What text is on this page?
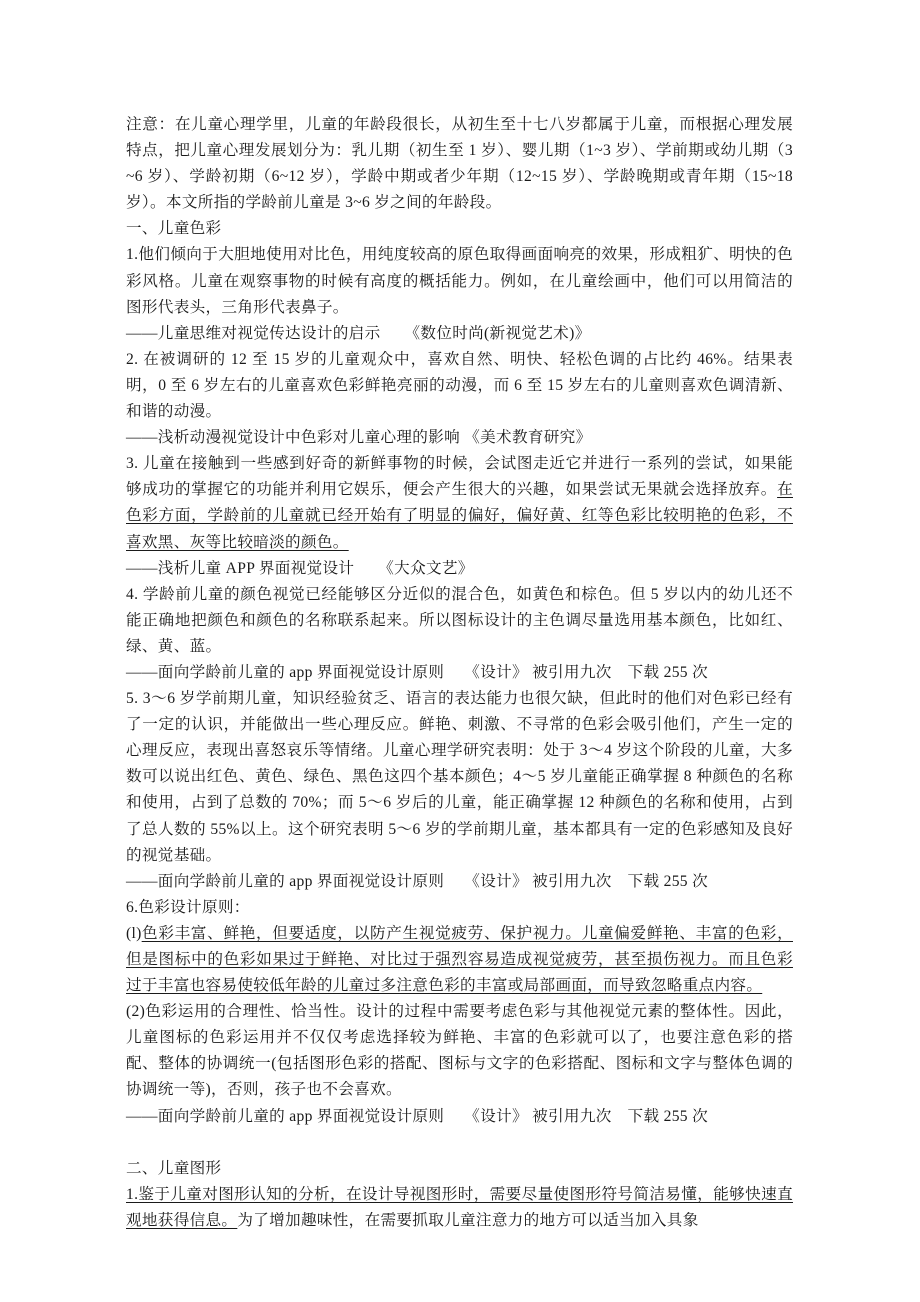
注意：在儿童心理学里，儿童的年龄段很长，从初生至十七八岁都属于儿童，而根据心理发展特点，把儿童心理发展划分为：乳儿期（初生至 1 岁）、婴儿期（1~3 岁）、学前期或幼儿期（3~6 岁）、学龄初期（6~12 岁），学龄中期或者少年期（12~15 岁）、学龄晚期或青年期（15~18 岁）。本文所指的学龄前儿童是 3~6 岁之间的年龄段。

一、儿童色彩

1.他们倾向于大胆地使用对比色，用纯度较高的原色取得画面响亮的效果，形成粗犷、明快的色彩风格。儿童在观察事物的时候有高度的概括能力。例如，在儿童绘画中，他们可以用简洁的图形代表头，三角形代表鼻子。

——儿童思维对视觉传达设计的启示　　《数位时尚(新视觉艺术)》

2. 在被调研的 12 至 15 岁的儿童观众中，喜欢自然、明快、轻松色调的占比约 46%。结果表明，0 至 6 岁左右的儿童喜欢色彩鲜艳亮丽的动漫，而 6 至 15 岁左右的儿童则喜欢色调清新、和谐的动漫。

——浅析动漫视觉设计中色彩对儿童心理的影响 《美术教育研究》

3. 儿童在接触到一些感到好奇的新鲜事物的时候，会试图走近它并进行一系列的尝试，如果能够成功的掌握它的功能并利用它娱乐，便会产生很大的兴趣，如果尝试无果就会选择放弃。在色彩方面，学龄前的儿童就已经开始有了明显的偏好，偏好黄、红等色彩比较明艳的色彩，不喜欢黑、灰等比较暗淡的颜色。

——浅析儿童 APP 界面视觉设计　　《大众文艺》

4. 学龄前儿童的颜色视觉已经能够区分近似的混合色，如黄色和棕色。但 5 岁以内的幼儿还不能正确地把颜色和颜色的名称联系起来。所以图标设计的主色调尽量选用基本颜色，比如红、绿、黄、蓝。

——面向学龄前儿童的 app 界面视觉设计原则　 《设计》 被引用九次　下载 255 次

5. 3～6 岁学前期儿童，知识经验贫乏、语言的表达能力也很欠缺，但此时的他们对色彩已经有了一定的认识，并能做出一些心理反应。鲜艳、刺激、不寻常的色彩会吸引他们，产生一定的心理反应，表现出喜怒哀乐等情绪。儿童心理学研究表明：处于 3～4 岁这个阶段的儿童，大多数可以说出红色、黄色、绿色、黑色这四个基本颜色；4～5 岁儿童能正确掌握 8 种颜色的名称和使用，占到了总数的 70%；而 5～6 岁后的儿童，能正确掌握 12 种颜色的名称和使用，占到了总人数的 55%以上。这个研究表明 5～6 岁的学前期儿童，基本都具有一定的色彩感知及良好的视觉基础。

——面向学龄前儿童的 app 界面视觉设计原则　 《设计》 被引用九次　下载 255 次

6.色彩设计原则：

(l)色彩丰富、鲜艳，但要适度，以防产生视觉疲劳、保护视力。儿童偏爱鲜艳、丰富的色彩，但是图标中的色彩如果过于鲜艳、对比过于强烈容易造成视觉疲劳，甚至损伤视力。而且色彩过于丰富也容易使较低年龄的儿童过多注意色彩的丰富或局部画面，而导致忽略重点内容。

(2)色彩运用的合理性、恰当性。设计的过程中需要考虑色彩与其他视觉元素的整体性。因此，儿童图标的色彩运用并不仅仅考虑选择较为鲜艳、丰富的色彩就可以了，也要注意色彩的搭配、整体的协调统一(包括图形色彩的搭配、图标与文字的色彩搭配、图标和文字与整体色调的协调统一等)，否则，孩子也不会喜欢。

——面向学龄前儿童的 app 界面视觉设计原则　 《设计》 被引用九次　下载 255 次

二、儿童图形

1.鉴于儿童对图形认知的分析，在设计导视图形时，需要尽量使图形符号简洁易懂，能够快速直观地获得信息。为了增加趣味性，在需要抓取儿童注意力的地方可以适当加入具象
